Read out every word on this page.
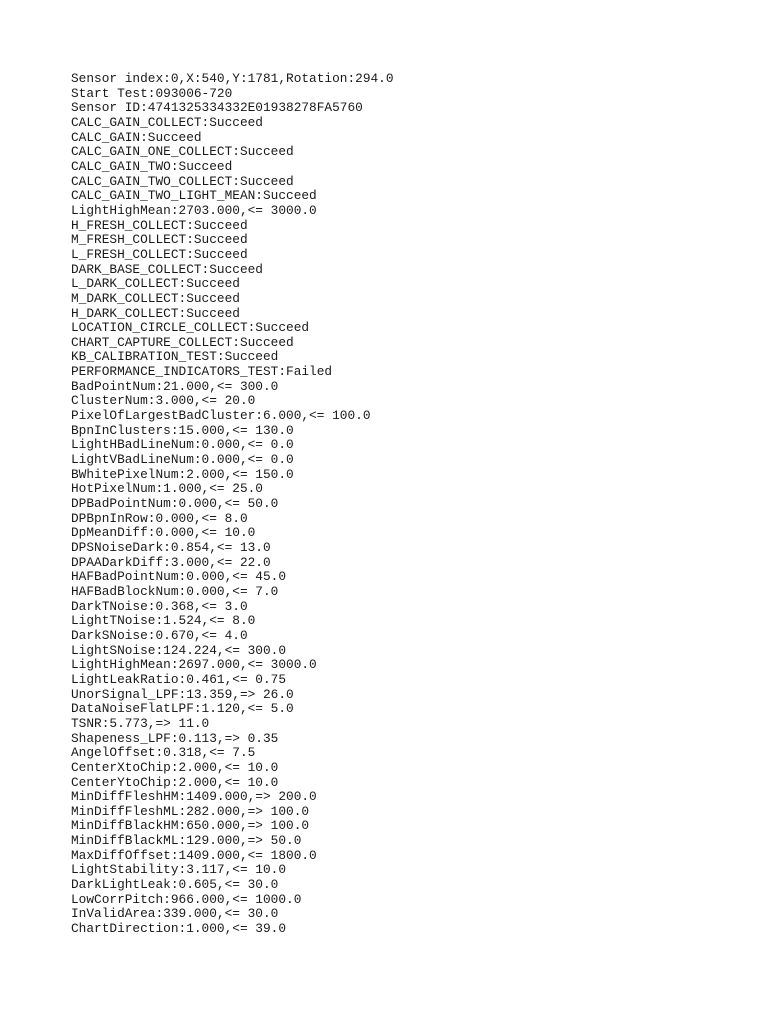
Sensor index:0,X:540,Y:1781,Rotation:294.0
Start Test:093006-720
Sensor ID:4741325334332E01938278FA5760
CALC_GAIN_COLLECT:Succeed
CALC_GAIN:Succeed
CALC_GAIN_ONE_COLLECT:Succeed
CALC_GAIN_TWO:Succeed
CALC_GAIN_TWO_COLLECT:Succeed
CALC_GAIN_TWO_LIGHT_MEAN:Succeed
LightHighMean:2703.000,<= 3000.0
H_FRESH_COLLECT:Succeed
M_FRESH_COLLECT:Succeed
L_FRESH_COLLECT:Succeed
DARK_BASE_COLLECT:Succeed
L_DARK_COLLECT:Succeed
M_DARK_COLLECT:Succeed
H_DARK_COLLECT:Succeed
LOCATION_CIRCLE_COLLECT:Succeed
CHART_CAPTURE_COLLECT:Succeed
KB_CALIBRATION_TEST:Succeed
PERFORMANCE_INDICATORS_TEST:Failed
BadPointNum:21.000,<= 300.0
ClusterNum:3.000,<= 20.0
PixelOfLargestBadCluster:6.000,<= 100.0
BpnInClusters:15.000,<= 130.0
LightHBadLineNum:0.000,<= 0.0
LightVBadLineNum:0.000,<= 0.0
BWhitePixelNum:2.000,<= 150.0
HotPixelNum:1.000,<= 25.0
DPBadPointNum:0.000,<= 50.0
DPBpnInRow:0.000,<= 8.0
DpMeanDiff:0.000,<= 10.0
DPSNoiseDark:0.854,<= 13.0
DPAADarkDiff:3.000,<= 22.0
HAFBadPointNum:0.000,<= 45.0
HAFBadBlockNum:0.000,<= 7.0
DarkTNoise:0.368,<= 3.0
LightTNoise:1.524,<= 8.0
DarkSNoise:0.670,<= 4.0
LightSNoise:124.224,<= 300.0
LightHighMean:2697.000,<= 3000.0
LightLeakRatio:0.461,<= 0.75
UnorSignal_LPF:13.359,=> 26.0
DataNoiseFlatLPF:1.120,<= 5.0
TSNR:5.773,=> 11.0
Shapeness_LPF:0.113,=> 0.35
AngelOffset:0.318,<= 7.5
CenterXtoChip:2.000,<= 10.0
CenterYtoChip:2.000,<= 10.0
MinDiffFleshHM:1409.000,=> 200.0
MinDiffFleshML:282.000,=> 100.0
MinDiffBlackHM:650.000,=> 100.0
MinDiffBlackML:129.000,=> 50.0
MaxDiffOffset:1409.000,<= 1800.0
LightStability:3.117,<= 10.0
DarkLightLeak:0.605,<= 30.0
LowCorrPitch:966.000,<= 1000.0
InValidArea:339.000,<= 30.0
ChartDirection:1.000,<= 39.0
